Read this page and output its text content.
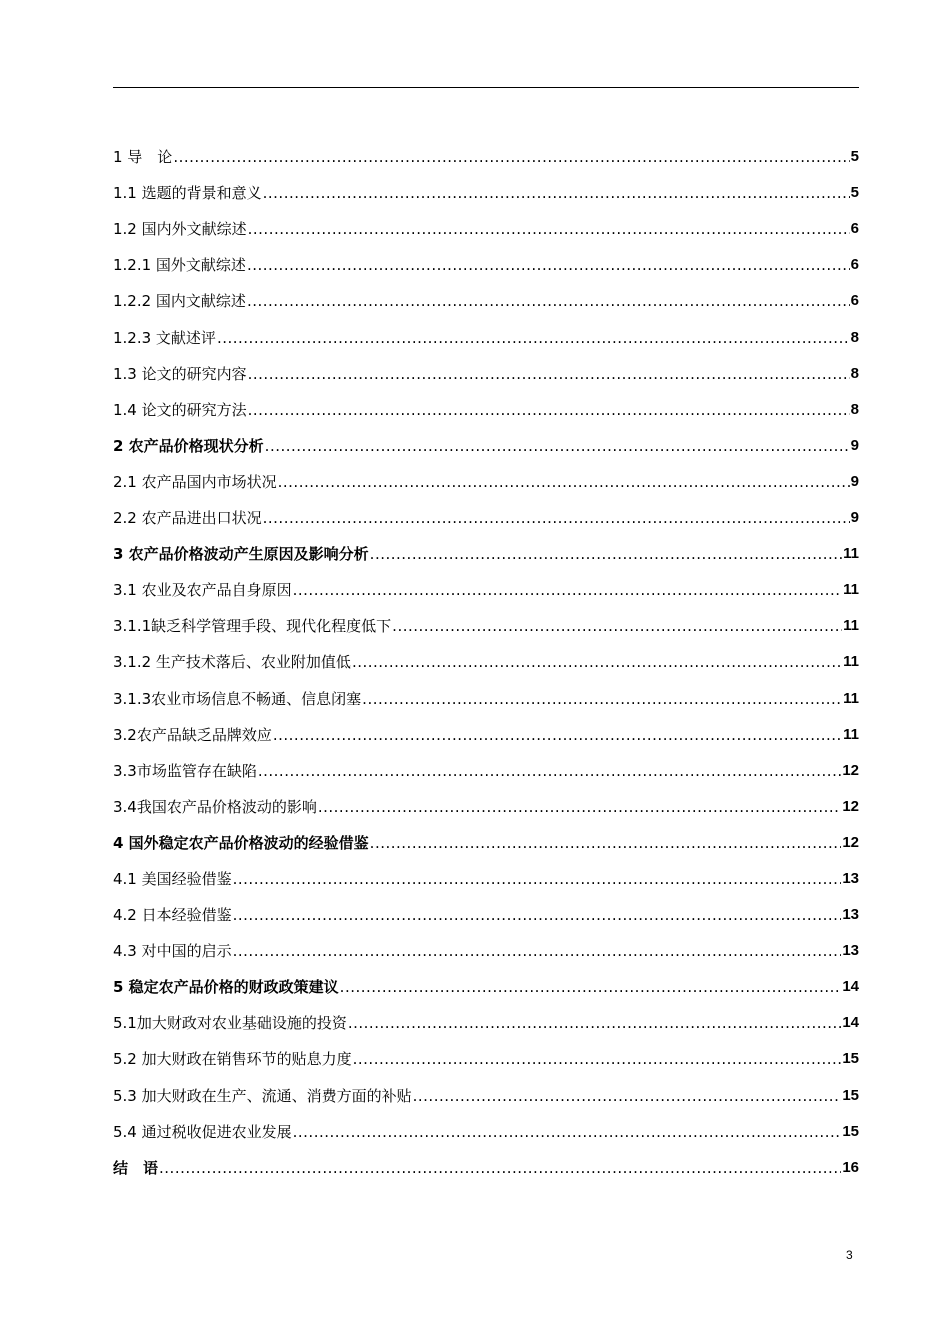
1 导　论 .....	5
1.1 选题的背景和意义 .....	5
1.2 国内外文献综述 .....	6
1.2.1 国外文献综述 .....	6
1.2.2 国内文献综述 .....	6
1.2.3 文献述评 .....	8
1.3 论文的研究内容 .....	8
1.4 论文的研究方法 .....	8
2 农产品价格现状分析 .....	9
2.1 农产品国内市场状况 .....	9
2.2 农产品进出口状况 .....	9
3 农产品价格波动产生原因及影响分析 .....	11
3.1 农业及农产品自身原因 .....	11
3.1.1缺乏科学管理手段、现代化程度低下 .....	11
3.1.2 生产技术落后、农业附加值低 .....	11
3.1.3农业市场信息不畅通、信息闭塞 .....	11
3.2农产品缺乏品牌效应 .....	11
3.3市场监管存在缺陷 .....	12
3.4我国农产品价格波动的影响 .....	12
4 国外稳定农产品价格波动的经验借鉴 .....	12
4.1 美国经验借鉴 .....	13
4.2 日本经验借鉴 .....	13
4.3 对中国的启示 .....	13
5 稳定农产品价格的财政政策建议 .....	14
5.1加大财政对农业基础设施的投资 .....	14
5.2 加大财政在销售环节的贴息力度 .....	15
5.3 加大财政在生产、流通、消费方面的补贴 .....	15
5.4 通过税收促进农业发展 .....	15
结　语 .....	16
3
